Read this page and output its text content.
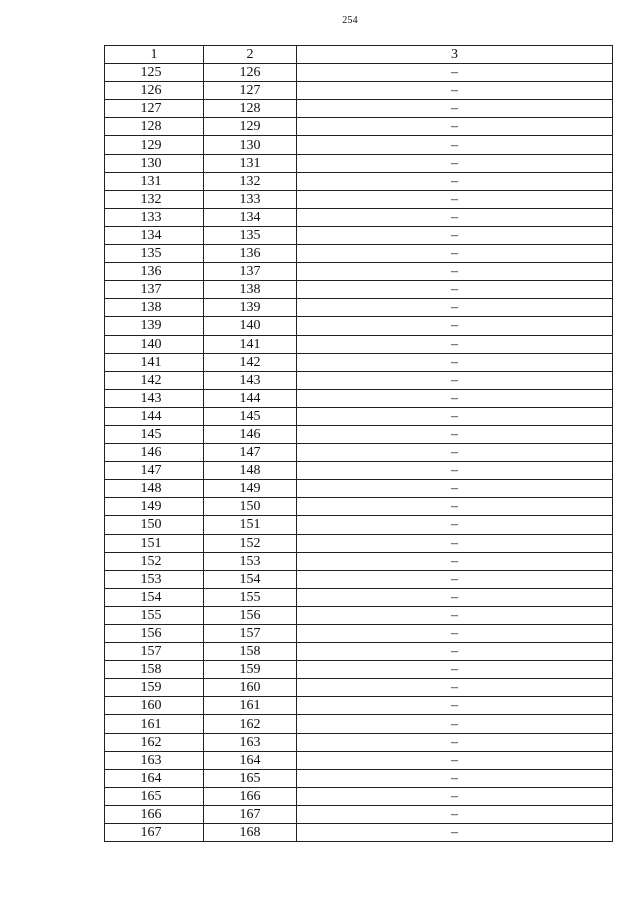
254
1	2	3
125	126	–
126	127	–
127	128	–
128	129	–
129	130	–
130	131	–
131	132	–
132	133	–
133	134	–
134	135	–
135	136	–
136	137	–
137	138	–
138	139	–
139	140	–
140	141	–
141	142	–
142	143	–
143	144	–
144	145	–
145	146	–
146	147	–
147	148	–
148	149	–
149	150	–
150	151	–
151	152	–
152	153	–
153	154	–
154	155	–
155	156	–
156	157	–
157	158	–
158	159	–
159	160	–
160	161	–
161	162	–
162	163	–
163	164	–
164	165	–
165	166	–
166	167	–
167	168	–
